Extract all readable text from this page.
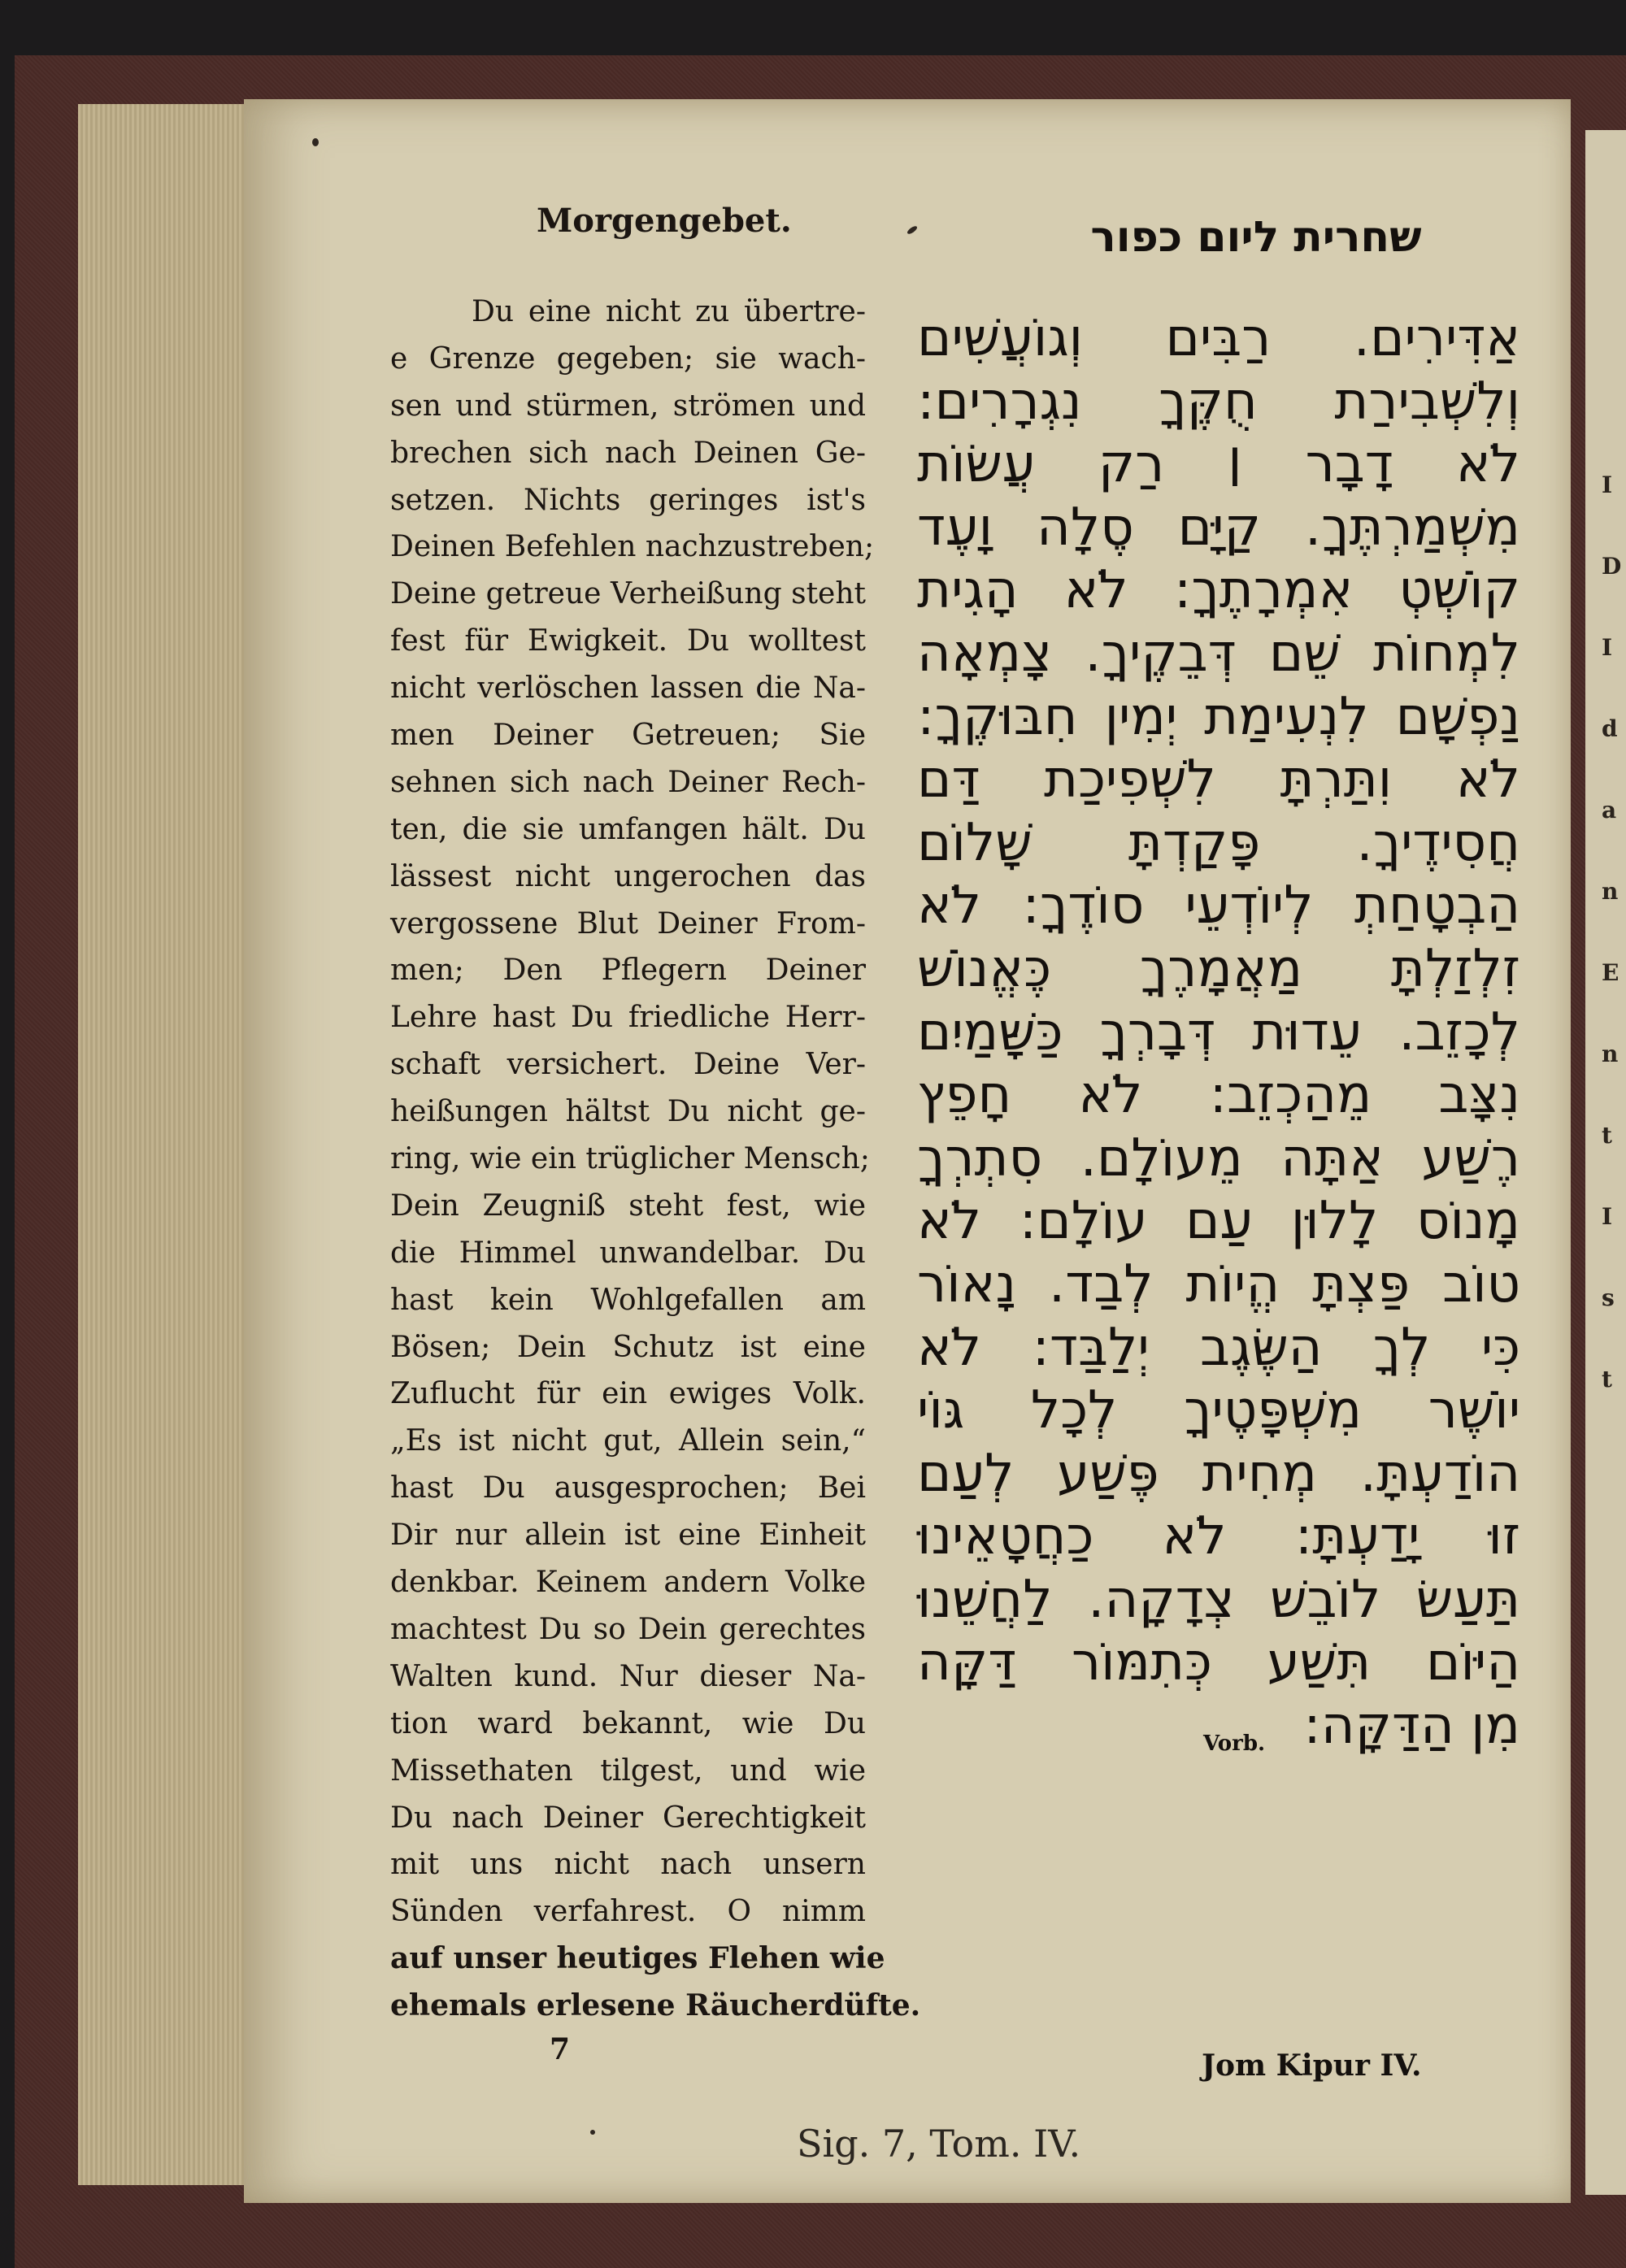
I
D
I
d
a
n
E
n
t
I
s
t
Morgengebet.
Du eine nicht zu übertre-
e Grenze gegeben; sie wach-
sen und stürmen, strömen und
brechen sich nach Deinen Ge-
setzen. Nichts geringes ist's
Deinen Befehlen nachzustreben;
Deine getreue Verheißung steht
fest für Ewigkeit. Du wolltest
nicht verlöschen lassen die Na-
men Deiner Getreuen; Sie
sehnen sich nach Deiner Rech-
ten, die sie umfangen hält. Du
lässest nicht ungerochen das
vergossene Blut Deiner From-
men; Den Pflegern Deiner
Lehre hast Du friedliche Herr-
schaft versichert. Deine Ver-
heißungen hältst Du nicht ge-
ring, wie ein trüglicher Mensch;
Dein Zeugniß steht fest, wie
die Himmel unwandelbar. Du
hast kein Wohlgefallen am
Bösen; Dein Schutz ist eine
Zuflucht für ein ewiges Volk.
„Es ist nicht gut, Allein sein,“
hast Du ausgesprochen; Bei
Dir nur allein ist eine Einheit
denkbar. Keinem andern Volke
machtest Du so Dein gerechtes
Walten kund. Nur dieser Na-
tion ward bekannt, wie Du
Missethaten tilgest, und wie
Du nach Deiner Gerechtigkeit
mit uns nicht nach unsern
Sünden verfahrest. O nimm
auf unser heutiges Flehen wie
ehemals erlesene Räucherdüfte.
שחרית ליום כפור
אַדִּירִים. רַבִּים וְגוֹעֲשִׁים
וְלִשְׁבִירַת חֻקֶּךָ נִגְרָרִים:
לֹא דָבָר ׀ רַק עֲשׂוֹת
מִשְׁמַרְתֶּךָ. קַיָּם סֶלָה וָעֶד
קוֹשְׁטְ אִמְרָתֶךָ: לֹא הָגִית
לִמְחוֹת שֵׁם דְּבֵקֶיךָ. צָמְאָה
נַפְשָׁם לִנְעִימַת יְמִין חִבּוּקֶךָ:
לֹא וִתַּרְתָּ לִשְׁפִיכַת דַּם
חֲסִידֶיךָ. פָּקַדְתָּ שָׁלוֹם
הַבְטָחַתְ לְיוֹדְעֵי סוֹדֶךָ: לֹא
זִלְזַלְתָּ מַאֲמָרֶךָ כֶּאֱנוֹשׁ
לְכָזֵב. עֵדוּת דְּבָרְךָ כַּשָּׁמַיִם
נִצָּב מֵהַכְזֵב: לֹא חָפֵץ
רֶשַׁע אַתָּה מֵעוֹלָם. סִתְרְךָ
מָנוֹס לָלוּן עַם עוֹלָם: לֹא
טוֹב פַּצְתָּ הֱיוֹת לְבַד. נָאוֹר
כִּי לְךָ הַשֶּׂגֶב יְלַבַּד: לֹא
יוֹשֶׁר מִשְׁפָּטֶיךָ לְכָל גּוֹי
הוֹדַעְתָּ. מְחִית פֶּשַׁע לְעַם
זוּ יָדַעְתָּ: לֹא כַחֲטָאֵינוּ
תַּעַשׂ לוֹבֵשׁ צְדָקָה. לַחֲשֵׁנוּ
הַיּוֹם תִּשַׁע כְּתִמּוֹר דַּקָּה
מִן הַדַּקָּה:
Vorb.
7	Jom Kipur IV.
Sig. 7, Tom. IV.
